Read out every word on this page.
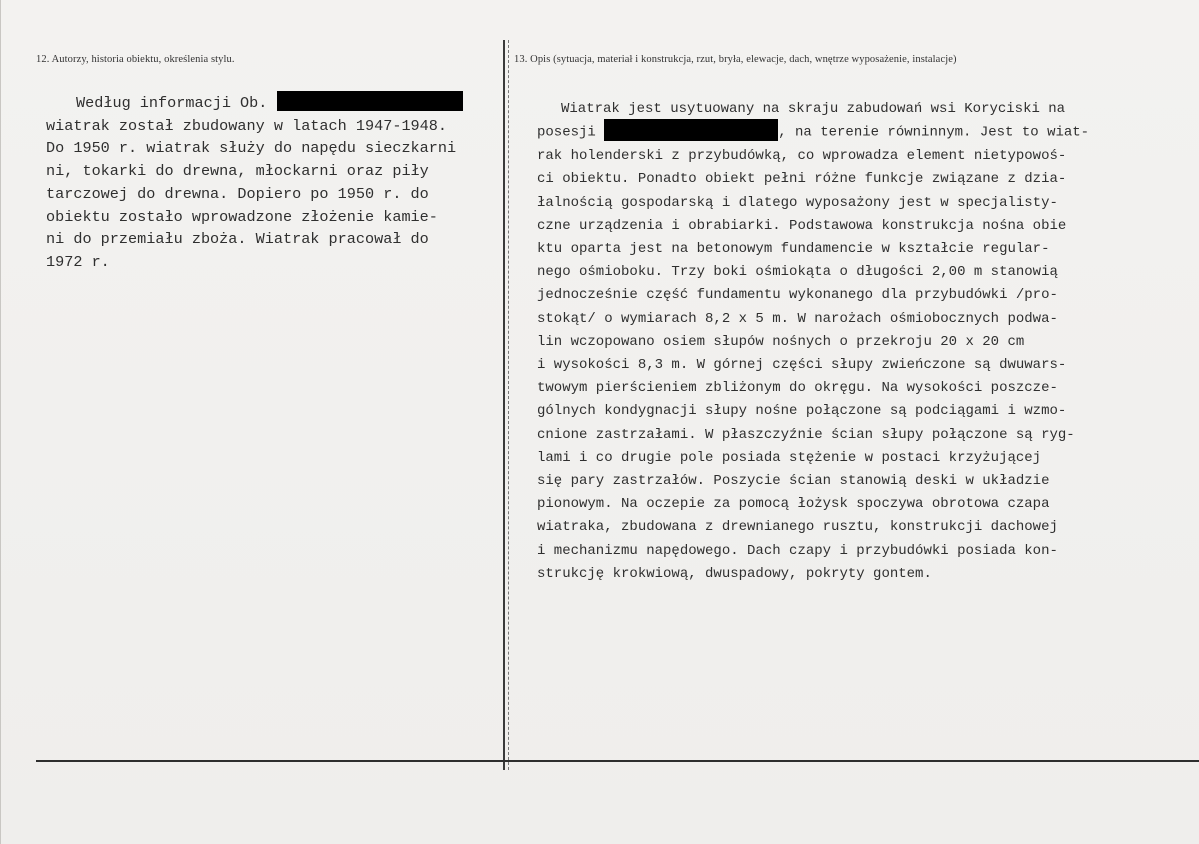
12. Autorzy, historia obiektu, określenia stylu.	13. Opis (sytuacja, materiał i konstrukcja, rzut, bryła, elewacje, dach, wnętrze wyposażenie, instalacje)
Według informacji Ob.
wiatrak został zbudowany w latach 1947-1948.
Do 1950 r. wiatrak służy do napędu sieczkarni
ni, tokarki do drewna, młockarni oraz piły
tarczowej do drewna. Dopiero po 1950 r. do
obiektu zostało wprowadzone złożenie kamie-
ni do przemiału zboża. Wiatrak pracował do
1972 r.
Wiatrak jest usytuowany na skraju zabudowań wsi Koryciski na
posesji	, na terenie równinnym. Jest to wiat-
rak holenderski z przybudówką, co wprowadza element nietypowoś-
ci obiektu. Ponadto obiekt pełni różne funkcje związane z dzia-
łalnością gospodarską i dlatego wyposażony jest w specjalisty-
czne urządzenia i obrabiarki. Podstawowa konstrukcja nośna obie
ktu oparta jest na betonowym fundamencie w kształcie regular-
nego ośmioboku. Trzy boki ośmiokąta o długości 2,00 m stanowią
jednocześnie część fundamentu wykonanego dla przybudówki /pro-
stokąt/ o wymiarach 8,2 x 5 m. W narożach ośmiobocznych podwa-
lin wczopowano osiem słupów nośnych o przekroju 20 x 20 cm
i wysokości 8,3 m. W górnej części słupy zwieńczone są dwuwars-
twowym pierścieniem zbliżonym do okręgu. Na wysokości poszcze-
gólnych kondygnacji słupy nośne połączone są podciągami i wzmo-
cnione zastrzałami. W płaszczyźnie ścian słupy połączone są ryg-
lami i co drugie pole posiada stężenie w postaci krzyżującej
się pary zastrzałów. Poszycie ścian stanowią deski w układzie
pionowym. Na oczepie za pomocą łożysk spoczywa obrotowa czapa
wiatraka, zbudowana z drewnianego rusztu, konstrukcji dachowej
i mechanizmu napędowego. Dach czapy i przybudówki posiada kon-
strukcję krokwiową, dwuspadowy, pokryty gontem.
